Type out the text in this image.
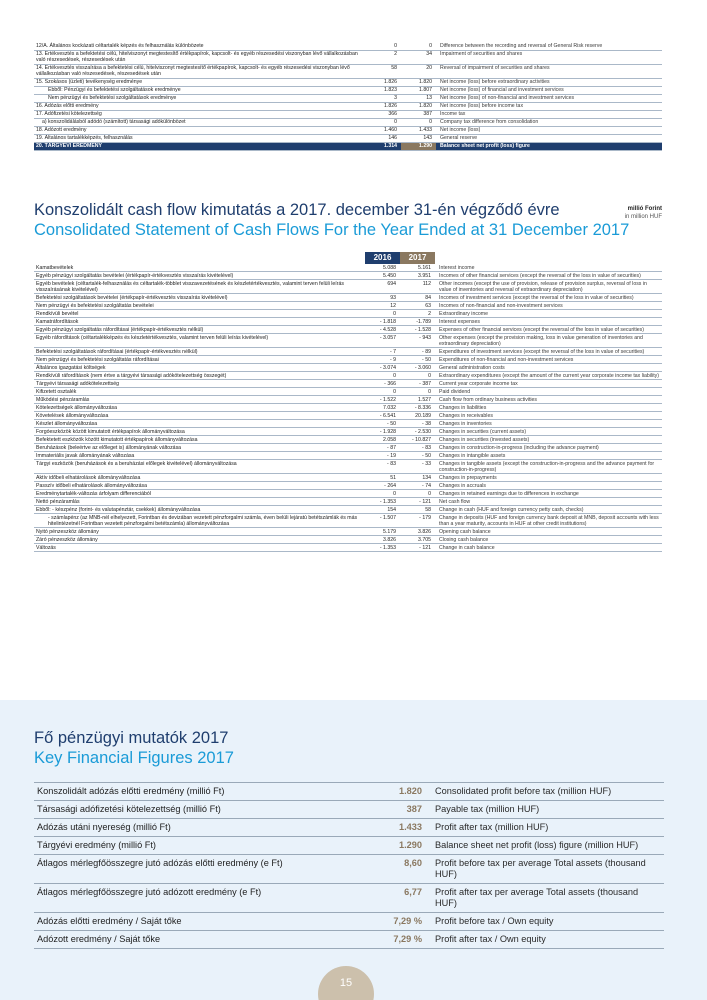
12/A. Általános kockázati céltartalék képzés és felhasználás különbözete	0	0	Difference between the recording and reversal of General Risk reserve
13. Értékvesztés a befektetési célú, hitelviszonyt megtestesítő értékpapírok, kapcsolt- és egyéb részesedési viszonyban lévő vállalkozásban való részesedések, részesedések után	2	34	Impairment of securities and shares
14. Értékvesztés visszaírása a befektetési célú, hitelviszonyt megtestesítő értékpapírok, kapcsolt- és egyéb részesedési viszonyban lévő vállalkozásban való részesedések, részesedések után	58	20	Reversal of impairment of securities and shares
15. Szokásos (üzleti) tevékenység eredménye	1.826	1.820	Net income (loss) before extraordinary activities
Ebből: Pénzügyi és befektetési szolgáltatások eredménye	1.823	1.807	Net income (loss) of financial and investment services
Nem pénzügyi és befektetési szolgáltatások eredménye	3	13	Net income (loss) of non-financial and investment services
16. Adózás előtti eredmény	1.826	1.820	Net income (loss) before income tax
17. Adófizetési kötelezettség	366	387	Income tax
a) konszolidálásból adódó (számított) társasági adókülönbözet	0	0	Company tax difference from consolidation
18. Adózott eredmény	1.460	1.433	Net income (loss)
19. Általános tartalékképzés, felhasználás	146	143	General reserve
20. TÁRGYÉVI EREDMÉNY	1.314	1.290	Balance sheet net profit (loss) figure
Konszolidált cash flow kimutatás a 2017. december 31-én végződő évre
Consolidated Statement of Cash Flows For the Year Ended at 31 December 2017
millió Forint
in million HUF
2016	2017
Kamatbevételek	5.088	5.161	Interest income
Egyéb pénzügyi szolgáltatás bevételei (értékpapír-értékvesztés visszaírás kivételével)	5.450	3.951	Incomes of other financial services (except the reversal of the loss in value of securities)
Egyéb bevételek (céltartalék-felhasználás és céltartalék-többlet visszavezetésének és készletértékvesztés, valamint terven felüli leírás visszaírásának kivételével)	694	112	Other incomes (except the use of provision, release of provision surplus, reversal of loss in value of inventories and reversal of extraordinary depreciation)
Befektetési szolgáltatások bevételei (értékpapír-értékvesztés visszaírás kivételével)	93	84	Incomes of investment services (except the reversal of the loss in value of securities)
Nem pénzügyi és befektetési szolgáltatás bevételei	12	63	Incomes of non-financial and non-investment services
Rendkívüli bevétel	0	2	Extraordinary income
Kamatráfordítások	- 1.818	-1.789	Interest expenses
Egyéb pénzügyi szolgáltatás ráfordításai (értékpapír-értékvesztés nélkül)	- 4.528	- 1.528	Expenses of other financial services (except the reversal of the loss in value of securities)
Egyéb ráfordítások (céltartalékképzés és készletértékvesztés, valamint terven felüli leírás kivételével)	- 3.057	- 943	Other expenses (except the provision making, loss in value generation of inventories and extraordinary depreciation)
Befektetési szolgáltatások ráfordításai (értékpapír-értékvesztés nélkül)	- 7	- 89	Expenditures of investment services (except the reversal of the loss in value of securities)
Nem pénzügyi és befektetési szolgáltatás ráfordításai	- 9	- 50	Expenditures of non-financial and non-investment services
Általános igazgatási költségek	- 3.074	- 3.060	General administration costs
Rendkívüli ráfordítások (nem értve a tárgyévi társasági adókötelezettség összegét)	0	0	Extraordinary expenditures (except the amount of the current year corporate income tax liability)
Tárgyévi társasági adókötelezettség	- 366	- 387	Current year corporate income tax
Kifizetett osztalék	0	0	Paid dividend
Működési pénzáramlás	- 1.522	1.527	Cash flow from ordinary business activities
Kötelezettségek állományváltozása	7.032	- 8.336	Changes in liabilities
Követelések állományváltozása	- 6.541	20.189	Changes in receivables
Készlet állományváltozása	- 50	- 38	Changes in inventories
Forgóeszközök között kimutatott értékpapírok állományváltozása	- 1.928	- 2.530	Changes in securities (current assets)
Befektetett eszközök között kimutatott értékpapírok állományváltozása	2.058	- 10.827	Changes in securities (invested assets)
Beruházások (beleértve az előleget is) állományának változása	- 87	- 83	Changes in construction-in-progress (including the advance payment)
Immateriális javak állományának változása	- 19	- 50	Changes in intangible assets
Tárgyi eszközök (beruházások és a beruházási előlegek kivételével) állományváltozása	- 83	- 33	Changes in tangible assets (except the construction-in-progress and the advance payment for construction-in-progress)
Aktív időbeli elhatárolások állományváltozása	51	134	Changes in prepayments
Passzív időbeli elhatárolások állományváltozása	- 264	- 74	Changes in accruals
Eredménytartalék-változás árfolyam differenciából	0	0	Changes in retained earnings due to differences in exchange
Nettó pénzáramlás	- 1.353	- 121	Net cash flow
Ebből: - készpénz (forint- és valutapénztár, csekkek) állományváltozása	154	58	Change in cash (HUF and foreign currency petty cash, checks)
- számlapénz (az MNB-nél elhelyezett, Forintban és devizában vezetett pénzforgalmi számla, éven belüli lejáratú betétszámlák és más hitelintézetnél Forintban vezetett pénzforgalmi betétszámla) állományváltozása	- 1.507	- 179	Change in deposits (HUF and foreign currency bank deposit at MNB, deposit accounts with less than a year maturity, accounts in HUF at other credit institutions)
Nyitó pénzeszköz állomány	5.179	3.826	Opening cash balance
Záró pénzeszköz állomány	3.826	3.705	Closing cash balance
Változás	- 1.353	- 121	Change in cash balance
Fő pénzügyi mutatók 2017
Key Financial Figures 2017
Konszolidált adózás előtti eredmény (millió Ft)	1.820	Consolidated profit before tax (million HUF)
Társasági adófizetési kötelezettség (millió Ft)	387	Payable tax (million HUF)
Adózás utáni nyereség (millió Ft)	1.433	Profit after tax (million HUF)
Tárgyévi eredmény (millió Ft)	1.290	Balance sheet net profit (loss) figure (million HUF)
Átlagos mérlegfőösszegre jutó adózás előtti eredmény (e Ft)	8,60	Profit before tax per average Total assets (thousand HUF)
Átlagos mérlegfőösszegre jutó adózott eredmény (e Ft)	6,77	Profit after tax per average Total assets (thousand HUF)
Adózás előtti eredmény / Saját tőke	7,29 %	Profit before tax / Own equity
Adózott eredmény / Saját tőke	7,29 %	Profit after tax / Own equity
15
